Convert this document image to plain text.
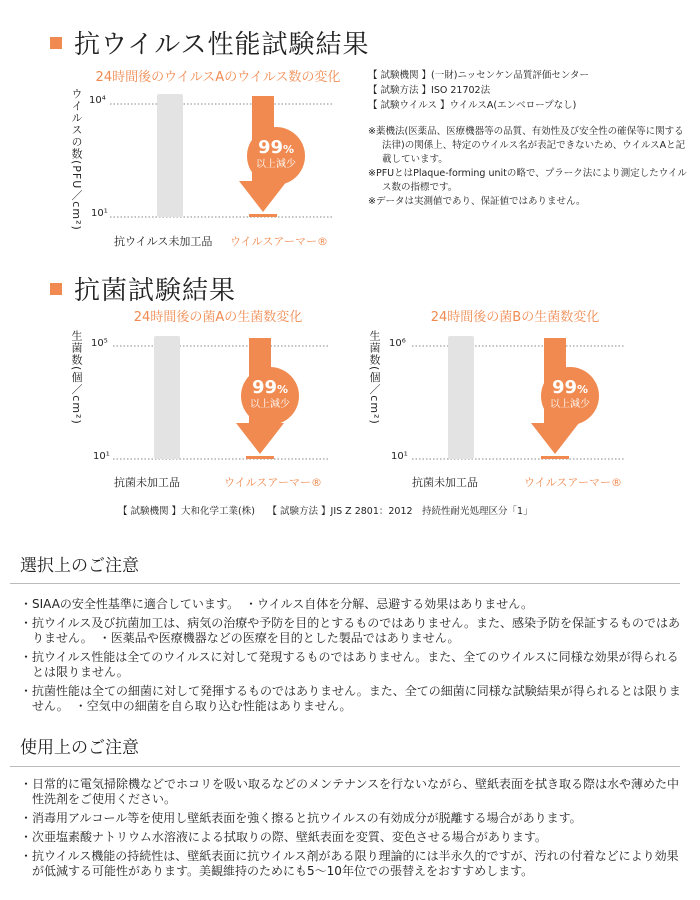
抗ウイルス性能試験結果
24時間後のウイルスAのウイルス数の変化
ウイルスの数(PFU／cm²) 10⁴
10¹
99%
以上減少
抗ウイルス未加工品 ウイルスアーマー®

【 試験機関 】(一財)ニッセンケン品質評価センター

【 試験方法 】ISO 21702法

【 試験ウイルス 】ウイルスA(エンベロープなし)

※薬機法(医薬品、医療機器等の品質、有効性及び安全性の確保等に関する法律)の関係上、特定のウイルス名が表記できないため、ウイルスAと記載しています。

※PFUとはPlaque-forming unitの略で、プラーク法により測定したウイルス数の指標です。

※データは実測値であり、保証値ではありません。

抗菌試験結果
24時間後の菌Aの生菌数変化
生菌数(個／cm²) 10⁵
10¹
99%
以上減少
抗菌未加工品	ウイルスアーマー®
24時間後の菌Bの生菌数変化
生菌数(個／cm²) 10⁶
10¹
99%
以上減少
抗菌未加工品	ウイルスアーマー®
【 試験機関 】大和化学工業(株)　 【 試験方法 】JIS Z 2801：2012　持続性耐光処理区分「1」
選択上のご注意

・SIAAの安全性基準に適合しています。　・ウイルス自体を分解、忌避する効果はありません。

・抗ウイルス及び抗菌加工は、病気の治療や予防を目的とするものではありません。また、感染予防を保証するものではありません。　・医薬品や医療機器などの医療を目的とした製品ではありません。

・抗ウイルス性能は全てのウイルスに対して発現するものではありません。また、全てのウイルスに同様な効果が得られるとは限りません。

・抗菌性能は全ての細菌に対して発揮するものではありません。また、全ての細菌に同様な試験結果が得られるとは限りません。　・空気中の細菌を自ら取り込む性能はありません。

使用上のご注意

・日常的に電気掃除機などでホコリを吸い取るなどのメンテナンスを行ないながら、壁紙表面を拭き取る際は水や薄めた中性洗剤をご使用ください。

・消毒用アルコール等を使用し壁紙表面を強く擦ると抗ウイルスの有効成分が脱離する場合があります。

・次亜塩素酸ナトリウム水溶液による拭取りの際、壁紙表面を変質、変色させる場合があります。

・抗ウイルス機能の持続性は、壁紙表面に抗ウイルス剤がある限り理論的には半永久的ですが、汚れの付着などにより効果が低減する可能性があります。美観維持のためにも5〜10年位での張替えをおすすめします。
